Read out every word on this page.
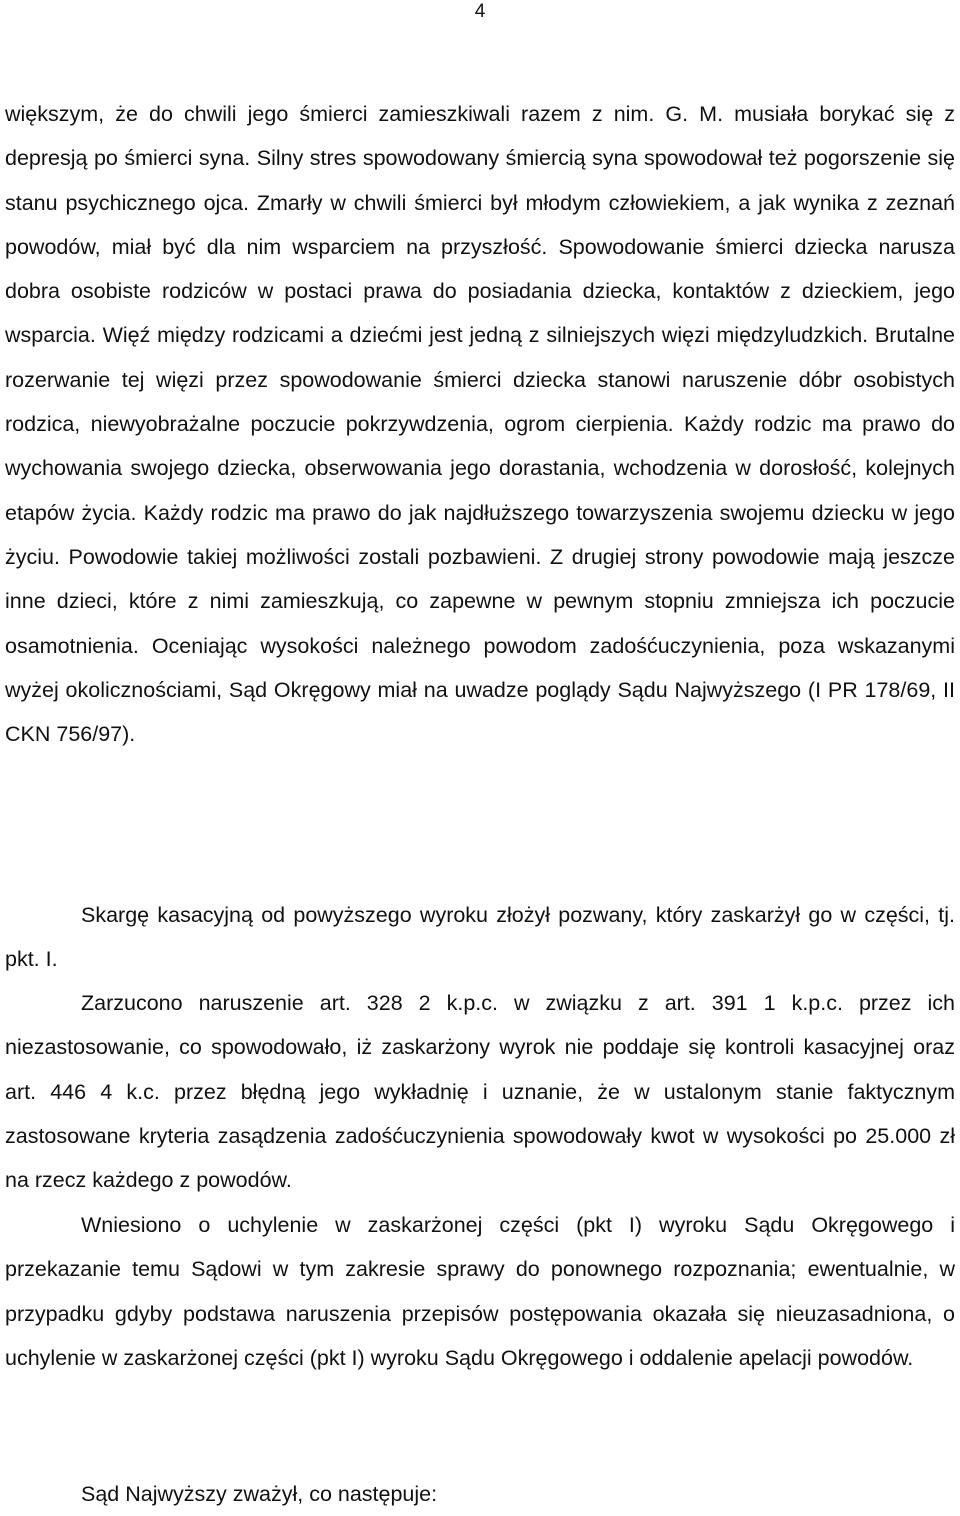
4

większym, że do chwili jego śmierci zamieszkiwali razem z nim. G. M. musiała borykać się z depresją po śmierci syna. Silny stres spowodowany śmiercią syna spowodował też pogorszenie się stanu psychicznego ojca. Zmarły w chwili śmierci był młodym człowiekiem, a jak wynika z zeznań powodów, miał być dla nim wsparciem na przyszłość. Spowodowanie śmierci dziecka narusza dobra osobiste rodziców w postaci prawa do posiadania dziecka, kontaktów z dzieckiem, jego wsparcia. Więź między rodzicami a dziećmi jest jedną z silniejszych więzi międzyludzkich. Brutalne rozerwanie tej więzi przez spowodowanie śmierci dziecka stanowi naruszenie dóbr osobistych rodzica, niewyobrażalne poczucie pokrzywdzenia, ogrom cierpienia. Każdy rodzic ma prawo do wychowania swojego dziecka, obserwowania jego dorastania, wchodzenia w dorosłość, kolejnych etapów życia. Każdy rodzic ma prawo do jak najdłuższego towarzyszenia swojemu dziecku w jego życiu. Powodowie takiej możliwości zostali pozbawieni. Z drugiej strony powodowie mają jeszcze inne dzieci, które z nimi zamieszkują, co zapewne w pewnym stopniu zmniejsza ich poczucie osamotnienia. Oceniając wysokości należnego powodom zadośćuczynienia, poza wskazanymi wyżej okolicznościami, Sąd Okręgowy miał na uwadze poglądy Sądu Najwyższego (I PR 178/69, II CKN 756/97).

Skargę kasacyjną od powyższego wyroku złożył pozwany, który zaskarżył go w części, tj. pkt. I.

Zarzucono naruszenie art. 328 2 k.p.c. w związku z art. 391 1 k.p.c. przez ich niezastosowanie, co spowodowało, iż zaskarżony wyrok nie poddaje się kontroli kasacyjnej oraz art. 446 4 k.c. przez błędną jego wykładnię i uznanie, że w ustalonym stanie faktycznym zastosowane kryteria zasądzenia zadośćuczynienia spowodowały kwot w wysokości po 25.000 zł na rzecz każdego z powodów.

Wniesiono o uchylenie w zaskarżonej części (pkt I) wyroku Sądu Okręgowego i przekazanie temu Sądowi w tym zakresie sprawy do ponownego rozpoznania; ewentualnie, w przypadku gdyby podstawa naruszenia przepisów postępowania okazała się nieuzasadniona, o uchylenie w zaskarżonej części (pkt I) wyroku Sądu Okręgowego i oddalenie apelacji powodów.

Sąd Najwyższy zważył, co następuje:
